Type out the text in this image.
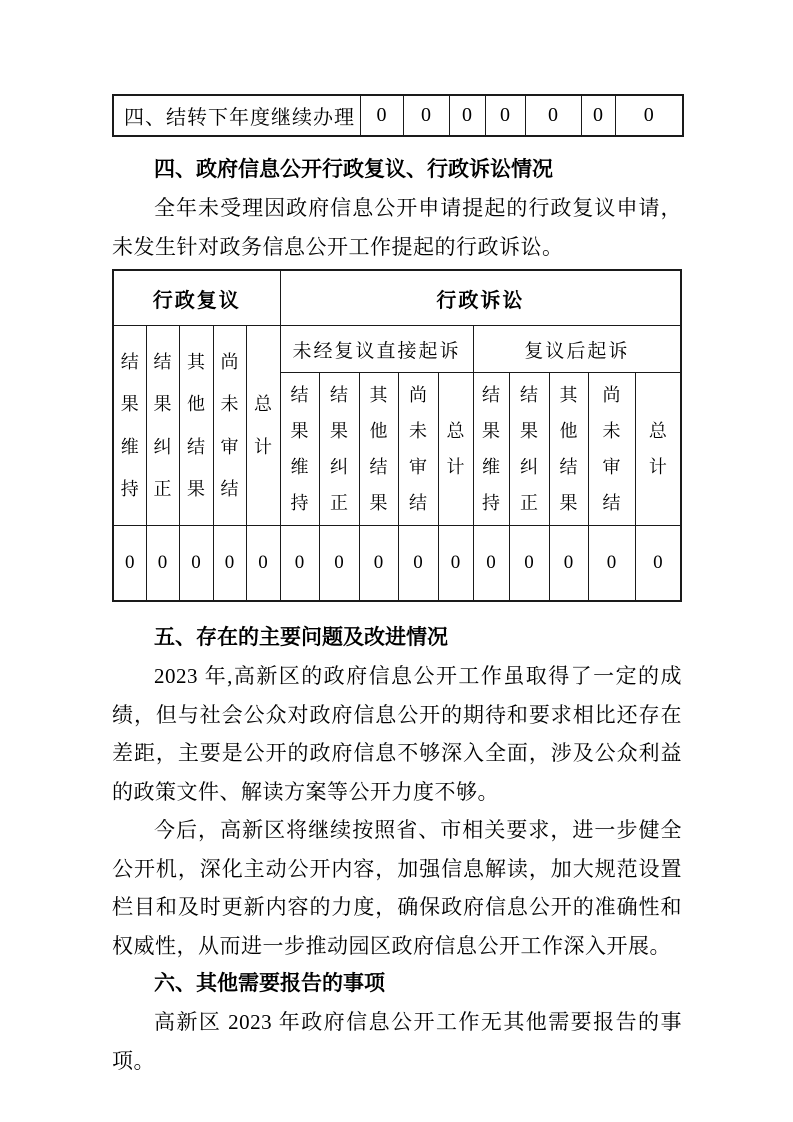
四、结转下年度继续办理	0	0	0	0	0	0	0
四、政府信息公开行政复议、行政诉讼情况

全年未受理因政府信息公开申请提起的行政复议申请，未发生针对政务信息公开工作提起的行政诉讼。

行政复议					行政诉讼									

结果维持	结果纠正	其他结果	尚未审结	总计	未经复议直接起诉					复议后起诉				

					结果维持	结果纠正	其他结果	尚未审结	总计	结果维持	结果纠正	其他结果	尚未审结	总计

0	0	0	0	0	0	0	0	0	0	0	0	0	0	0
五、存在的主要问题及改进情况

2023 年,高新区的政府信息公开工作虽取得了一定的成绩，但与社会公众对政府信息公开的期待和要求相比还存在差距，主要是公开的政府信息不够深入全面，涉及公众利益的政策文件、解读方案等公开力度不够。

今后，高新区将继续按照省、市相关要求，进一步健全公开机，深化主动公开内容，加强信息解读，加大规范设置栏目和及时更新内容的力度，确保政府信息公开的准确性和权威性，从而进一步推动园区政府信息公开工作深入开展。

六、其他需要报告的事项

高新区 2023 年政府信息公开工作无其他需要报告的事项。
